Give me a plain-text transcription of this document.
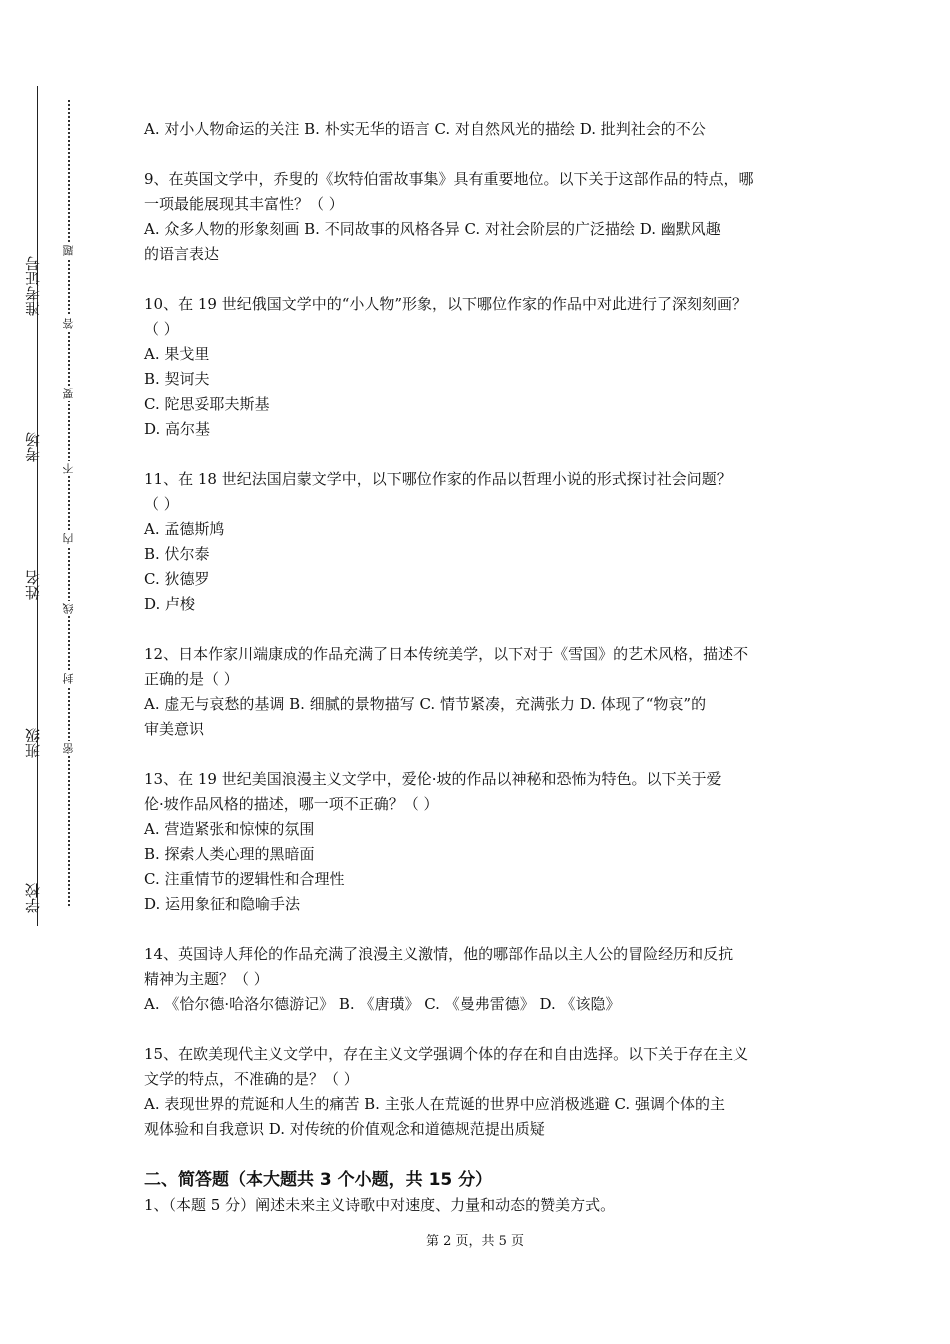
学校
班级
姓名
考场
准考证号
密
封
线
内
不
要
答
题
A. 对小人物命运的关注 B. 朴实无华的语言 C. 对自然风光的描绘 D. 批判社会的不公
9、在英国文学中，乔叟的《坎特伯雷故事集》具有重要地位。以下关于这部作品的特点，哪
一项最能展现其丰富性？（ ）
A. 众多人物的形象刻画 B. 不同故事的风格各异 C. 对社会阶层的广泛描绘 D. 幽默风趣
的语言表达
10、在 19 世纪俄国文学中的“小人物”形象，以下哪位作家的作品中对此进行了深刻刻画？
（ ）
A. 果戈里
B. 契诃夫
C. 陀思妥耶夫斯基
D. 高尔基
11、在 18 世纪法国启蒙文学中，以下哪位作家的作品以哲理小说的形式探讨社会问题？
（ ）
A. 孟德斯鸠
B. 伏尔泰
C. 狄德罗
D. 卢梭
12、日本作家川端康成的作品充满了日本传统美学，以下对于《雪国》的艺术风格，描述不
正确的是（ ）
A. 虚无与哀愁的基调 B. 细腻的景物描写 C. 情节紧凑，充满张力 D. 体现了“物哀”的
审美意识
13、在 19 世纪美国浪漫主义文学中，爱伦·坡的作品以神秘和恐怖为特色。以下关于爱
伦·坡作品风格的描述，哪一项不正确？（ ）
A. 营造紧张和惊悚的氛围
B. 探索人类心理的黑暗面
C. 注重情节的逻辑性和合理性
D. 运用象征和隐喻手法
14、英国诗人拜伦的作品充满了浪漫主义激情，他的哪部作品以主人公的冒险经历和反抗
精神为主题？（ ）
A. 《恰尔德·哈洛尔德游记》 B. 《唐璜》 C. 《曼弗雷德》 D. 《该隐》
15、在欧美现代主义文学中，存在主义文学强调个体的存在和自由选择。以下关于存在主义
文学的特点，不准确的是？（ ）
A. 表现世界的荒诞和人生的痛苦 B. 主张人在荒诞的世界中应消极逃避 C. 强调个体的主
观体验和自我意识 D. 对传统的价值观念和道德规范提出质疑
二、简答题（本大题共 3 个小题，共 15 分）
1、（本题 5 分）阐述未来主义诗歌中对速度、力量和动态的赞美方式。
第 2 页，共 5 页
